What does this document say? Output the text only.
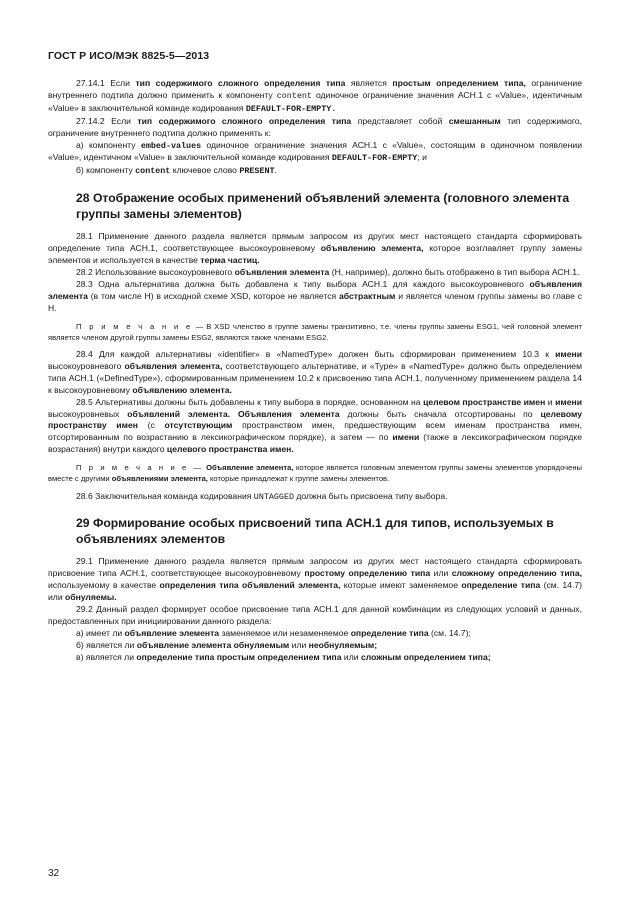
ГОСТ Р ИСО/МЭК 8825-5—2013

27.14.1 Если тип содержимого сложного определения типа является простым определением типа, ограничение внутреннего подтипа должно применить к компоненту content одиночное ограничение значения АСН.1 с «Value», идентичным «Value» в заключительной команде кодирования DEFAULT-FOR-EMPTY.

27.14.2 Если тип содержимого сложного определения типа представляет собой смешанным тип содержимого, ограничение внутреннего подтипа должно применять к:

а) компоненту embed-values одиночное ограничение значения АСН.1 с «Value», состоящим в одиночном появлении «Value», идентичном «Value» в заключительной команде кодирования DEFAULT-FOR-EMPTY; и

б) компоненту content ключевое слово PRESENT.

28 Отображение особых применений объявлений элемента (головного элемента группы замены элементов)

28.1 Применение данного раздела является прямым запросом из других мест настоящего стандарта сформировать определение типа АСН.1, соответствующее высокоуровневому объявлению элемента, которое возглавляет группу замены элементов и используется в качестве терма частиц.

28.2 Использование высокоуровневого объявления элемента (Н, например), должно быть отображено в тип выбора АСН.1.

28.3 Одна альтернатива должна быть добавлена к типу выбора АСН.1 для каждого высокоуровневого объявления элемента (в том числе Н) в исходной схеме XSD, которое не является абстрактным и является членом группы замены во главе с Н.

П р и м е ч а н и е — В XSD членство в группе замены транзитивно, т.е. члены группы замены ESG1, чей головной элемент является членом другой группы замены ESG2, являются также членами ESG2.

28.4 Для каждой альтернативы «identifier» в «NamedType» должен быть сформирован применением 10.3 к имени высокоуровневого объявления элемента, соответствующего альтернативе, и «Type» в «NamedType» должно быть определением типа АСН.1 («DefinedType»), сформированным применением 10.2 к присвоению типа АСН.1, полученному применением раздела 14 к высокоуровневому объявлению элемента.

28.5 Альтернативы должны быть добавлены к типу выбора в порядке, основанном на целевом пространстве имен и имени высокоуровневых объявлений элемента. Объявления элемента должны быть сначала отсортированы по целевому пространству имен (с отсутствующим пространством имен, предшествующим всем именам пространства имен, отсортированным по возрастанию в лексикографическом порядке), а затем — по имени (также в лексикографическом порядке возрастания) внутри каждого целевого пространства имен.

П р и м е ч а н и е — Объявление элемента, которое является головным элементом группы замены элементов упорядочены вместе с другими объявлениями элемента, которые принадлежат к группе замены элементов.

28.6 Заключительная команда кодирования UNTAGGED должна быть присвоена типу выбора.

29 Формирование особых присвоений типа АСН.1 для типов, используемых в объявлениях элементов

29.1 Применение данного раздела является прямым запросом из других мест настоящего стандарта сформировать присвоение типа АСН.1, соответствующее высокоуровневому простому определению типа или сложному определению типа, используемому в качестве определения типа объявлений элемента, которые имеют заменяемое определение типа (см. 14.7) или обнуляемы.

29.2 Данный раздел формирует особое присвоение типа АСН.1 для данной комбинации из следующих условий и данных, предоставленных при инициировании данного раздела:

а) имеет ли объявление элемента заменяемое или незаменяемое определение типа (см. 14.7);

б) является ли объявление элемента обнуляемым или необнуляемым;

в) является ли определение типа простым определением типа или сложным определением типа;

32
